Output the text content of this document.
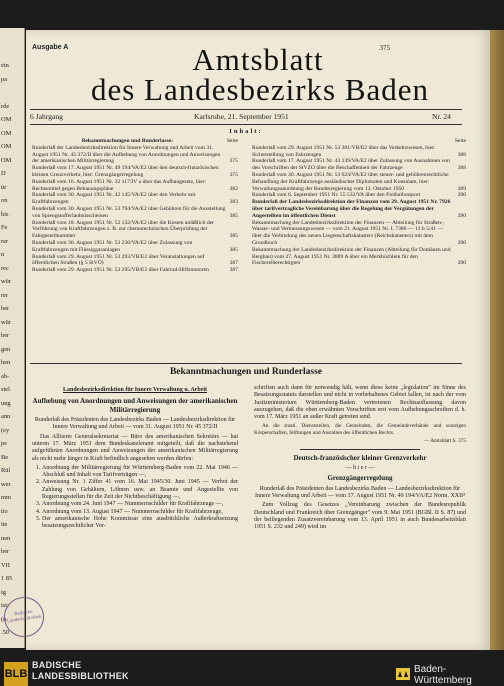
ein
pa
rde
OM
OM
OM
OM
D
ür
on
bis
Fe
rer
n
rec
wür
rer
ber
wür
ber
gen
hen
ab-
stel
ung
ann
(ey
pe
Be
Rül
wer
mm
tio
ite
nen
ber
VII
1 85
ig
ist:
(n
.50
Ausgabe A	375
Amtsblatt
des Landesbezirks Baden
6 Jahrgang	Karlsruhe, 21. September 1951	Nr. 24
Inhalt:
Bekanntmachungen und Runderlasse:	Seite
Runderlaß der Landesbezirksdirektion für Innere Verwaltung und Arbeit vom 31. August 1951 Nr. 45 372/II über die Aufhebung von Anordnungen und Anweisungen der amerikanischen Militärregierung	375
Runderlaß vom 17. August 1951 Nr. 49 194/VA/E2 über den deutsch-französischen kleinen Grenzverkehr, hier: Grenzgängerregelung	375
Runderlaß vom 16. August 1951 Nr. 32 117/IV a über das Aufbaugesetz, hier: Rechtsmittel gegen Bebauungspläne	382
Runderlaß vom 30. August 1951 Nr. 42 145/VA/E2 über den Verkehr mit Kraftfahrzeugen	383
Runderlaß vom 30. August 1951 Nr. 53 794/VA/E2 über Gebühren für die Ausstellung von Sprengstofferlaubnisscheinen	385
Runderlaß vom 18. August 1951 Nr. 52 132/VA/E2 über die Kosten anläßlich der Vorführung von Kraftfahrzeugen z. B. zur chemotechnischen Überprüfung der Fahrgestellnummer	385
Runderlaß vom 30. August 1951 Nr. 53 236/VA/E2 über Zulassung von Kraftfahrzeugen mit Flüssiggasanlagen	385
Runderlaß vom 29. August 1951 Nr. 53 293/VB/E2 über Veranstaltungen auf öffentlichen Straßen (§ 5 StVO)	387
Runderlaß vom 29. August 1951 Nr. 53 295/VB/E2 über Fahrrad-Hilfsmotoren	387
Seite
Runderlaß vom 29. August 1951 Nr. 53 301/VB/E2 über das Verkehrswesen, hier: Sicherstellung von Fahrzeugen	388
Runderlaß vom 17. August 1951 Nr. 43 139/VA/E2 über Zulassung von Ausnahmen von den Vorschriften der StVZO über die Beschaffenheit der Fahrzeuge	388
Runderlaß vom 30. August 1951 Nr. 53 624/VA/E2 über steuer- und gebührenrechtliche Behandlung der Kraftfahrzeuge ausländischer Diplomaten und Konsulate, hier: Verwaltungsanordnung der Bundesregierung vom 13. Oktober 1950	389
Runderlaß vom 6. September 1951 Nr. 55 532/VA über den Freiballonsport	390
Runderlaß der Landesbezirksdirektion der Finanzen vom 29. August 1951 Nr. 7926 über tarifvertragliche Vereinbarung über die Regelung der Vergütungen der Angestellten im öffentlichen Dienst	390
Bekanntmachung der Landesbezirksdirektion der Finanzen — Abteilung für Straßen-, Wasser- und Vermessungswesen — vom 21. August 1951 Nr. L 7386 — 13 b 5/41 — über die Verbindung des neuen Liegenschaftskatasters (Reichskatasters) mit dem Grundbuch	390
Bekanntmachung der Landesbezirksdirektion der Finanzen (Abteilung für Domänen und Bergbau) vom 27. August 1951 Nr. 3889 A über ein Merkbüchlein für den Fischereiberechtigten	390
Bekanntmachungen und Runderlasse

Landesbezirksdirektion für Innere Verwaltung u. Arbeit

Aufhebung von Anordnungen und Anweisungen der amerikanischen Militärregierung

Runderlaß des Präsidenten des Landesbezirks Baden — Landesbezirksdirektion für Innere Verwaltung und Arbeit — vom 31. August 1951 Nr. 45 372/II

Das Alliierte Generalsekretariat — Büro des amerikanischen Sekretärs — hat unterm 17. März 1951 dem Bundeskanzleramt mitgeteilt, daß die nachstehend aufgeführten Anordnungen und Anweisungen der amerikanischen Militärregierung als nicht mehr länger in Kraft befindlich angesehen werden dürfen:

1. Anordnung der Militärregierung für Württemberg-Baden vom 22. Mai 1946 — Abschluß und Inhalt von Tarifverträgen —,
2. Anweisung Nr. 1 Ziffer 41 vom 16. Mai 1945/30. Juni 1945 — Verbot der Zahlung von Gehältern, Löhnen usw. an Beamte und Angestellte von Regierungsstellen für die Zeit der Nichtbeschäftigung —,
3. Anordnung vom 24. Juni 1947 — Nummernschilder für Kraftfahrzeuge —,
4. Anordnung vom 13. August 1947 — Nummernschilder für Kraftfahrzeuge,
5. Der amerikanische Hohe Kommissar eine ausdrückliche Außerkraftsetzung besatzungsrechtlicher Vor-

schriften auch dann für notwendig hält, wenn diese keine „legislation" im Sinne des Besatzungsstatuts darstellen und nicht in vorbehaltenes Gebiet fallen, ist nach der vom Justizministerium Württemberg-Baden vertretenen Rechtsauffassung davon auszugehen, daß die oben erwähnten Vorschriften erst vom Aufhebungsschreiben d. h. vom 17. März 1951 an außer Kraft getreten sind.

An die staatl. Dienststellen, die Gemeinden, die Gemeindeverbände und sonstigen Körperschaften, Stiftungen und Anstalten des öffentlichen Rechts.

— Amtsblatt S. 375

Deutsch-französischer kleiner Grenzverkehr

— h i e r —

Grenzgängerregelung

Runderlaß des Präsidenten des Landesbezirks Baden — Landesbezirksdirektion für Innere Verwaltung und Arbeit — vom 17. August 1951 Nr. 49 194/VA/E2 Norm. XXII³

Zum Vollzug des Gesetzes „Vereinbarung zwischen der Bundesrepublik Deutschland und Frankreich über Grenzgänger" vom 9. Mai 1951 (BGBl. II S. 87) und der beiliegenden Zusatzvereinbarung vom 13. April 1951 in auch Bundesarbeitsblatt 1951 S. 232 und 249) wird im

Badische Landesbibliothek
BLB
BADISCHE
LANDESBIBLIOTHEK
Baden-Württemberg
